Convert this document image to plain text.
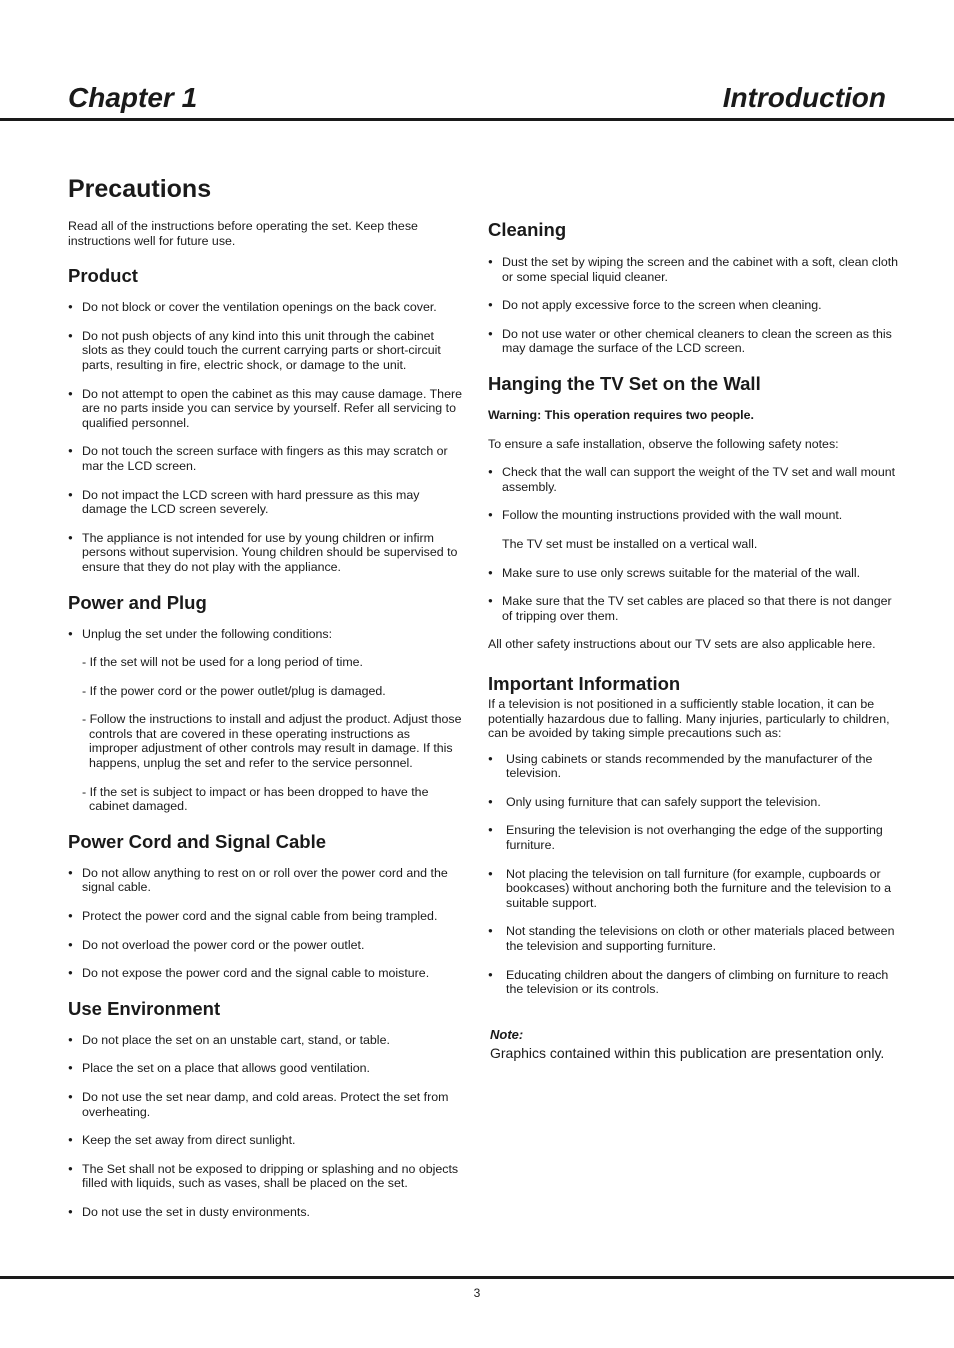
Chapter 1	Introduction
Precautions

Read all of the instructions before operating the set. Keep these instructions well for future use.

Product

● Do not block or cover the ventilation openings on the back cover.

● Do not push objects of any kind into this unit through the cabinet slots as they could touch the current carrying parts or short-circuit parts, resulting in fire, electric shock, or damage to the unit.

● Do not attempt to open the cabinet as this may cause damage. There are no parts inside you can service by yourself. Refer all servicing to qualified personnel.

● Do not touch the screen surface with fingers as this may scratch or mar the LCD screen.

● Do not impact the LCD screen with hard pressure as this may damage the LCD screen severely.

● The appliance is not intended for use by young children or infirm persons without supervision. Young children should be supervised to ensure that they do not play with the appliance.

Power and Plug

● Unplug the set under the following conditions:

- If the set will not be used for a long period of time.

- If the power cord or the power outlet/plug is damaged.

- Follow the instructions to install and adjust the product. Adjust those controls that are covered in these operating instructions as improper adjustment of other controls may result in damage. If this happens, unplug the set and refer to the service personnel.

- If the set is subject to impact or has been dropped to have the cabinet damaged.

Power Cord and Signal Cable

● Do not allow anything to rest on or roll over the power cord and the signal cable.

● Protect the power cord and the signal cable from being trampled.

● Do not overload the power cord or the power outlet.

● Do not expose the power cord and the signal cable to moisture.

Use Environment

● Do not place the set on an unstable cart, stand, or table.

● Place the set on a place that allows good ventilation.

● Do not use the set near damp, and cold areas. Protect the set from overheating.

● Keep the set away from direct sunlight.

● The Set shall not be exposed to dripping or splashing and no objects filled with liquids, such as vases, shall be placed on the set.

● Do not use the set in dusty environments.

Cleaning

● Dust the set by wiping the screen and the cabinet with a soft, clean cloth or some special liquid cleaner.

● Do not apply excessive force to the screen when cleaning.

● Do not use water or other chemical cleaners to clean the screen as this may damage the surface of the LCD screen.

Hanging the TV Set on the Wall

Warning: This operation requires two people.

To ensure a safe installation, observe the following safety notes:

● Check that the wall can support the weight of the TV set and wall mount assembly.

● Follow the mounting instructions provided with the wall mount.

The TV set must be installed on a vertical wall.

● Make sure to use only screws suitable for the material of the wall.

● Make sure that the TV set cables are placed so that there is not danger of tripping over them.

All other safety instructions about our TV sets are also applicable here.

Important Information

If a television is not positioned in a sufficiently stable location, it can be potentially hazardous due to falling. Many injuries, particularly to children, can be avoided by taking simple precautions such as:

● Using cabinets or stands recommended by the manufacturer of the television.

● Only using furniture that can safely support the television.

● Ensuring the television is not overhanging the edge of the supporting furniture.

● Not placing the television on tall furniture (for example, cupboards or bookcases) without anchoring both the furniture and the television to a suitable support.

● Not standing the televisions on cloth or other materials placed between the television and supporting furniture.

● Educating children about the dangers of climbing on furniture to reach the television or its controls.

Note:

Graphics contained within this publication are presentation only.

3
